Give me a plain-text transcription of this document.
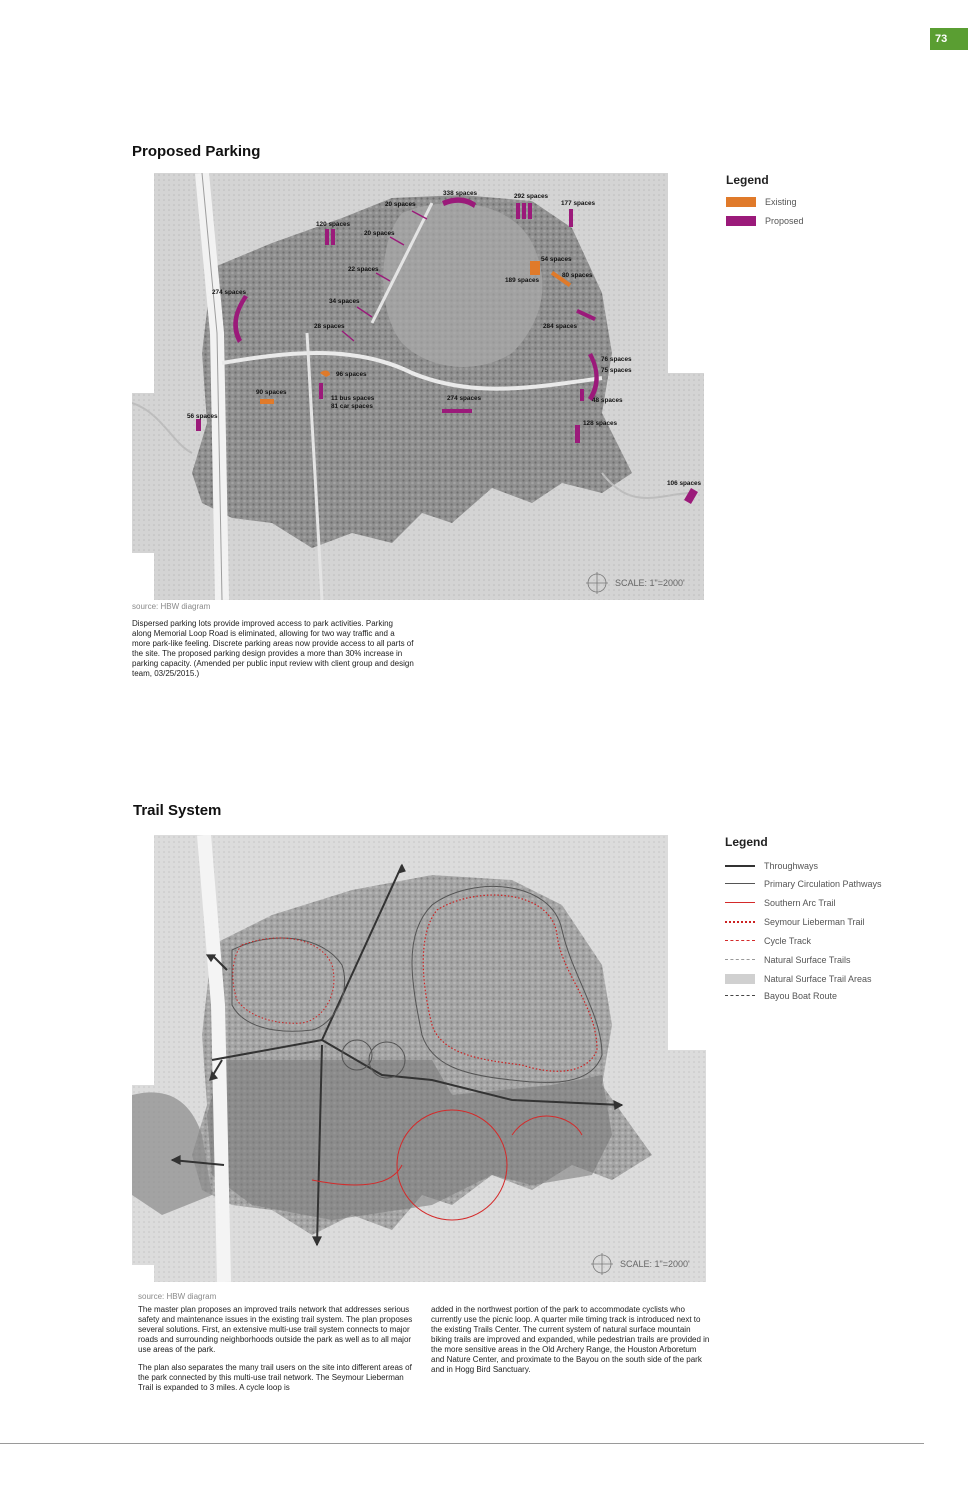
73
Proposed Parking
338 spaces	292 spaces
177 spaces
20 spaces
120 spaces
20 spaces
22 spaces
54 spaces
80 spaces
189 spaces
274 spaces
34 spaces
28 spaces	284 spaces
76 spaces
75 spaces
96 spaces
90 spaces
11 bus spaces
81 car spaces
274 spaces	48 spaces
56 spaces
128 spaces
106 spaces
SCALE: 1"=2000'
Legend
Existing
Proposed
source: HBW diagram
Dispersed parking lots provide improved access to park activities. Parking along Memorial Loop Road is eliminated, allowing for two way traffic and a more park-like feeling. Discrete parking areas now provide access to all parts of the site. The proposed parking design provides a more than 30% increase in parking capacity. (Amended per public input review with client group and design team, 03/25/2015.)
Trail System
SCALE: 1"=2000'
Legend
Throughways
Primary Circulation Pathways
Southern Arc Trail
Seymour Lieberman Trail
Cycle Track
Natural Surface Trails
Natural Surface Trail Areas
Bayou Boat Route
source: HBW diagram

The master plan proposes an improved trails network that addresses serious safety and maintenance issues in the existing trail system. The plan proposes several solutions. First, an extensive multi-use trail system connects to major roads and surrounding neighborhoods outside the park as well as to all major use areas of the park.

The plan also separates the many trail users on the site into different areas of the park connected by this multi-use trail network. The Seymour Lieberman Trail is expanded to 3 miles. A cycle loop is

added in the northwest portion of the park to accommodate cyclists who currently use the picnic loop. A quarter mile timing track is introduced next to the existing Trails Center. The current system of natural surface mountain biking trails are improved and expanded, while pedestrian trails are provided in the more sensitive areas in the Old Archery Range, the Houston Arboretum and Nature Center, and proximate to the Bayou on the south side of the park and in Hogg Bird Sanctuary.
